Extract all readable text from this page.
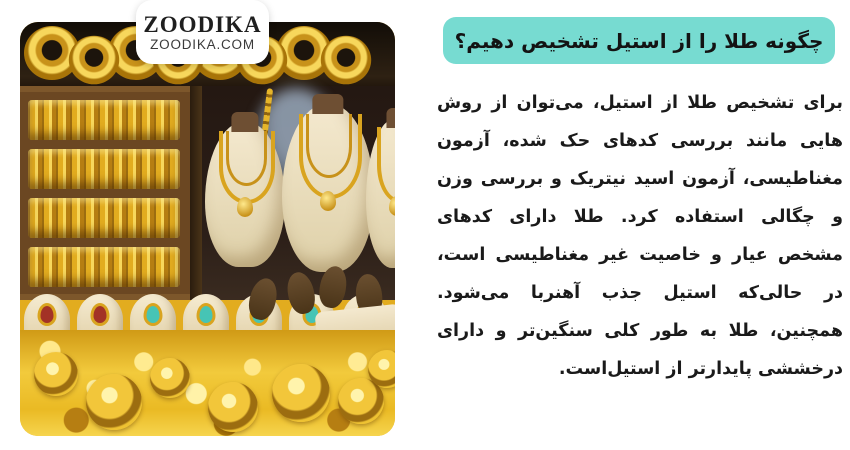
ZOODIKA
ZOODIKA.COM	چگونه طلا را از استیل تشخیص دهیم؟

برای تشخیص طلا از استیل، می‌توان از روش هایی مانند بررسی کدهای حک شده، آزمون مغناطیسی، آزمون اسید نیتریک و بررسی وزن و چگالی استفاده کرد. طلا دارای کدهای مشخص عیار و خاصیت غیر مغناطیسی است، در حالی‌که استیل جذب آهنربا می‌شود. همچنین، طلا به طور کلی سنگین‌تر و دارای درخششی پایدارتر از استیل‌است.
